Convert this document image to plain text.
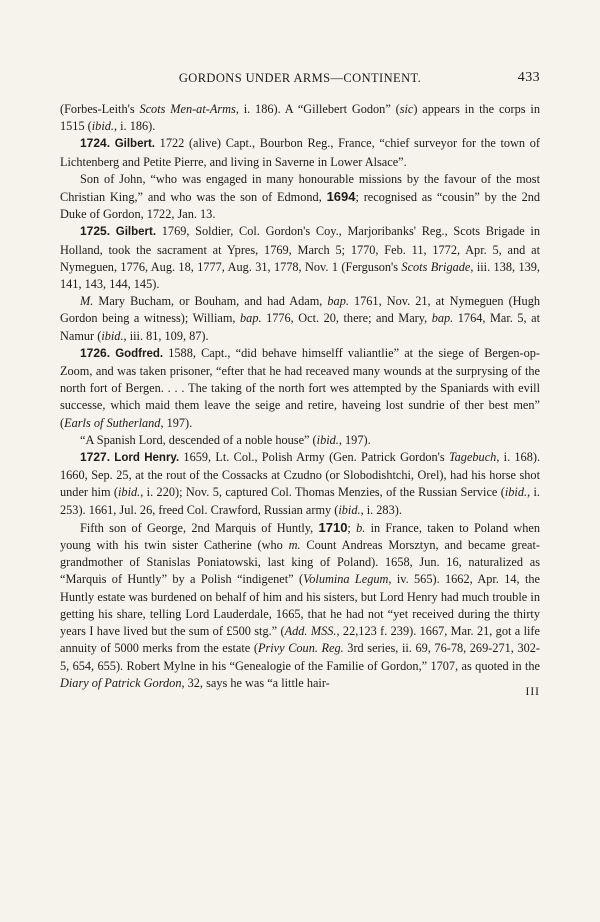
GORDONS UNDER ARMS—CONTINENT.	433

(Forbes-Leith's Scots Men-at-Arms, i. 186). A “Gillebert Godon” (sic) appears in the corps in 1515 (ibid., i. 186).

1724. Gilbert. 1722 (alive) Capt., Bourbon Reg., France, “chief surveyor for the town of Lichtenberg and Petite Pierre, and living in Saverne in Lower Alsace”.

Son of John, “who was engaged in many honourable missions by the favour of the most Christian King,” and who was the son of Edmond, 1694; recognised as “cousin” by the 2nd Duke of Gordon, 1722, Jan. 13.

1725. Gilbert. 1769, Soldier, Col. Gordon's Coy., Marjoribanks' Reg., Scots Brigade in Holland, took the sacrament at Ypres, 1769, March 5; 1770, Feb. 11, 1772, Apr. 5, and at Nymeguen, 1776, Aug. 18, 1777, Aug. 31, 1778, Nov. 1 (Ferguson's Scots Brigade, iii. 138, 139, 141, 143, 144, 145).

M. Mary Bucham, or Bouham, and had Adam, bap. 1761, Nov. 21, at Nymeguen (Hugh Gordon being a witness); William, bap. 1776, Oct. 20, there; and Mary, bap. 1764, Mar. 5, at Namur (ibid., iii. 81, 109, 87).

1726. Godfred. 1588, Capt., “did behave himselff valiantlie” at the siege of Bergen-op-Zoom, and was taken prisoner, “efter that he had receaved many wounds at the surprysing of the north fort of Bergen. . . . The taking of the north fort wes attempted by the Spaniards with evill successe, which maid them leave the seige and retire, haveing lost sundrie of ther best men” (Earls of Sutherland, 197).

“A Spanish Lord, descended of a noble house” (ibid., 197).

1727. Lord Henry. 1659, Lt. Col., Polish Army (Gen. Patrick Gordon's Tagebuch, i. 168). 1660, Sep. 25, at the rout of the Cossacks at Czudno (or Slobodishtchi, Orel), had his horse shot under him (ibid., i. 220); Nov. 5, captured Col. Thomas Menzies, of the Russian Service (ibid., i. 253). 1661, Jul. 26, freed Col. Crawford, Russian army (ibid., i. 283).

Fifth son of George, 2nd Marquis of Huntly, 1710; b. in France, taken to Poland when young with his twin sister Catherine (who m. Count Andreas Morsztyn, and became great-grandmother of Stanislas Poniatowski, last king of Poland). 1658, Jun. 16, naturalized as “Marquis of Huntly” by a Polish “indigenet” (Volumina Legum, iv. 565). 1662, Apr. 14, the Huntly estate was burdened on behalf of him and his sisters, but Lord Henry had much trouble in getting his share, telling Lord Lauderdale, 1665, that he had not “yet received during the thirty years I have lived but the sum of £500 stg.” (Add. MSS., 22,123 f. 239). 1667, Mar. 21, got a life annuity of 5000 merks from the estate (Privy Coun. Reg. 3rd series, ii. 69, 76-78, 269-271, 302-5, 654, 655). Robert Mylne in his “Genealogie of the Familie of Gordon,” 1707, as quoted in the Diary of Patrick Gordon, 32, says he was “a little hair-

III
